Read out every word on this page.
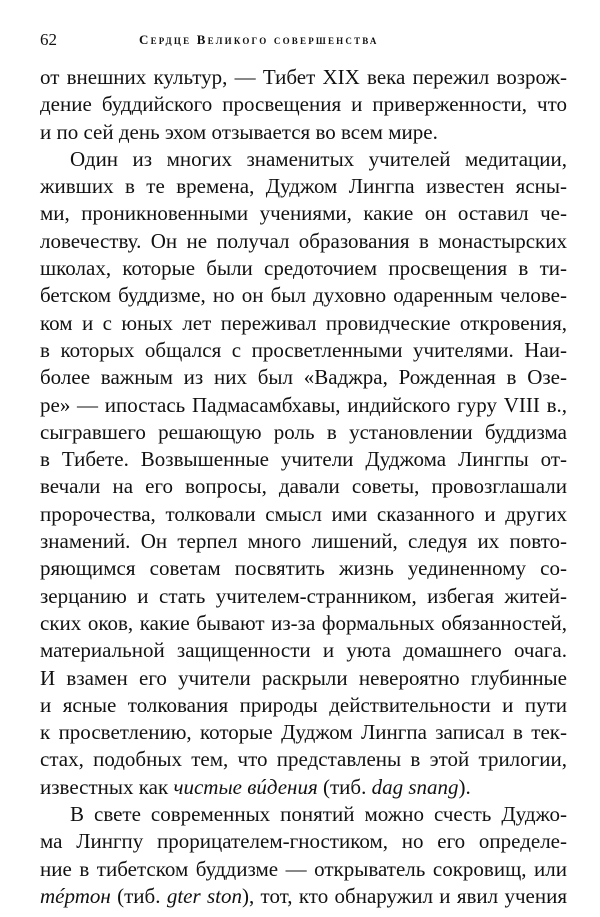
62	Сердце Великого совершенства
от внешних культур, — Тибет XIX века пережил возрож-
дение буддийского просвещения и приверженности, что
и по сей день эхом отзывается во всем мире.
Один из многих знаменитых учителей медитации,
живших в те времена, Дуджом Лингпа известен ясны-
ми, проникновенными учениями, какие он оставил че-
ловечеству. Он не получал образования в монастырских
школах, которые были средоточием просвещения в ти-
бетском буддизме, но он был духовно одаренным челове-
ком и с юных лет переживал провидческие откровения,
в которых общался с просветленными учителями. Наи-
более важным из них был «Ваджра, Рожденная в Озе-
ре» — ипостась Падмасамбхавы, индийского гуру VIII в.,
сыгравшего решающую роль в установлении буддизма
в Тибете. Возвышенные учители Дуджома Лингпы от-
вечали на его вопросы, давали советы, провозглашали
пророчества, толковали смысл ими сказанного и других
знамений. Он терпел много лишений, следуя их повто-
ряющимся советам посвятить жизнь уединенному со-
зерцанию и стать учителем-странником, избегая житей-
ских оков, какие бывают из-за формальных обязанностей,
материальной защищенности и уюта домашнего очага.
И взамен его учители раскрыли невероятно глубинные
и ясные толкования природы действительности и пути
к просветлению, которые Дуджом Лингпа записал в тек-
стах, подобных тем, что представлены в этой трилогии,
известных как чистые вúдения (тиб. dag snang).
В свете современных понятий можно счесть Дуджо-
ма Лингпу прорицателем-гностиком, но его определе-
ние в тибетском буддизме — открыватель сокровищ, или
тéртон (тиб. gter ston), тот, кто обнаружил и явил учения
